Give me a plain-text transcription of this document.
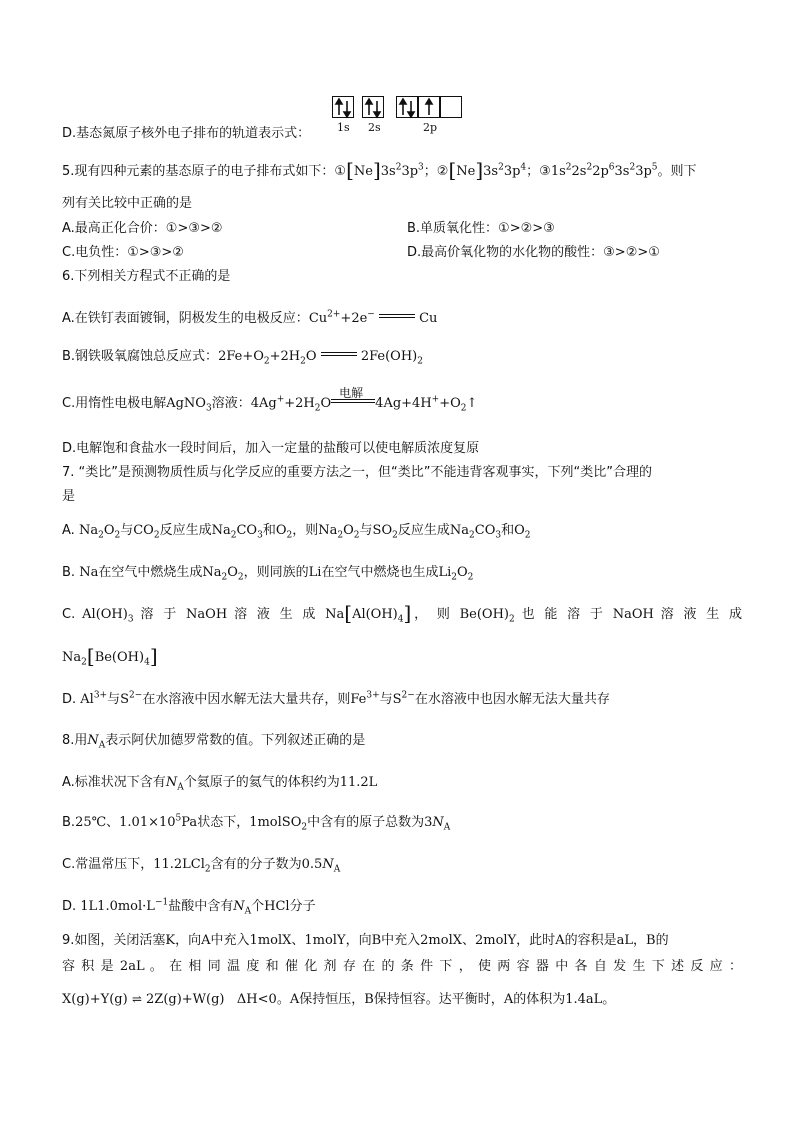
D.基态氮原子核外电子排布的轨道表示式： 1s 2s	2p
5.现有四种元素的基态原子的电子排布式如下：$①[Ne]3s^23p^3$；$②[Ne]3s^23p^4$；$③1s^22s^22p^63s^23p^5$。则下
列有关比较中正确的是
A.最高正化合价：①>③>②	B.单质氧化性：①>②>③
C.电负性：①>③>②	D.最高价氧化物的水化物的酸性：③>②>①
6.下列相关方程式不正确的是
A.在铁钉表面镀铜，阴极发生的电极反应：$Cu^{2+}+2e^-$	Cu
B.钢铁吸氧腐蚀总反应式：$2Fe+O_2+2H_2O$	$2Fe(OH)_2$
C.用惰性电极电解AgNO$_3$溶液：$4Ag^++2H_2O$
电解
$4Ag+4H^++O_2↑$
D.电解饱和食盐水一段时间后，加入一定量的盐酸可以使电解质浓度复原
7. “类比”是预测物质性质与化学反应的重要方法之一，但“类比”不能违背客观事实，下列“类比”合理的
是
A. $Na_2O_2$与$CO_2$反应生成$Na_2CO_3$和$O_2$，则$Na_2O_2$与$SO_2$反应生成$Na_2CO_3$和$O_2$
B. Na在空气中燃烧生成$Na_2O_2$，则同族的Li在空气中燃烧也生成$Li_2O_2$
C. $Al(OH)_3$ 溶 于 NaOH 溶 液 生 成 $Na[Al(OH)_4]$， 则 $Be(OH)_2$ 也 能 溶 于 NaOH 溶 液 生 成
$Na_2[Be(OH)_4]$
D. $Al^{3+}$与$S^{2-}$在水溶液中因水解无法大量共存，则$Fe^{3+}$与$S^{2-}$在水溶液中也因水解无法大量共存
8.用$N_A$表示阿伏加德罗常数的值。下列叙述正确的是
A.标准状况下含有$N_A$个氦原子的氦气的体积约为11.2L
B.25℃、$1.01\times 10^5Pa$状态下，1molSO$_2$中含有的原子总数为$3N_A$
C.常温常压下，11.2LCl$_2$含有的分子数为$0.5N_A$
D. $1L1.0mol\cdot L^{-1}$盐酸中含有$N_A$个HCl分子
9.如图，关闭活塞K，向A中充入1molX、1molY，向B中充入2molX、2molY，此时A的容积是aL，B的
容 积 是 2aL 。 在 相 同 温 度 和 催 化 剂 存 在 的 条 件 下 ， 使 两 容 器 中 各 自 发 生 下 述 反 应 ：
X(g)+Y(g) ⇌ 2Z(g)+W(g) ΔH<0。A保持恒压，B保持恒容。达平衡时，A的体积为1.4aL。
